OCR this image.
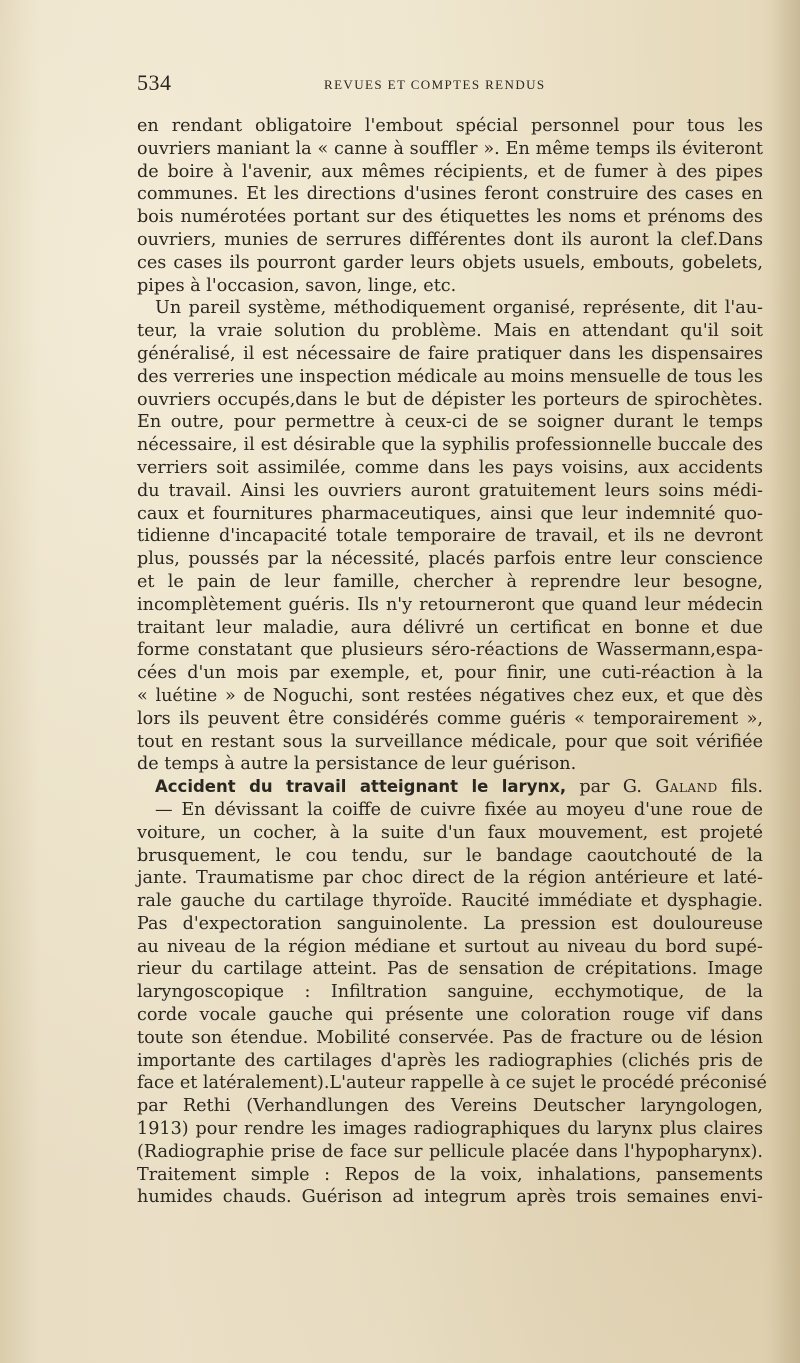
534	REVUES ET COMPTES RENDUS
en rendant obligatoire l'embout spécial personnel pour tous les
ouvriers maniant la « canne à souffler ». En même temps ils éviteront
de boire à l'avenir, aux mêmes récipients, et de fumer à des pipes
communes. Et les directions d'usines feront construire des cases en
bois numérotées portant sur des étiquettes les noms et prénoms des
ouvriers, munies de serrures différentes dont ils auront la clef.Dans
ces cases ils pourront garder leurs objets usuels, embouts, gobelets,
pipes à l'occasion, savon, linge, etc.
Un pareil système, méthodiquement organisé, représente, dit l'au-
teur, la vraie solution du problème. Mais en attendant qu'il soit
généralisé, il est nécessaire de faire pratiquer dans les dispensaires
des verreries une inspection médicale au moins mensuelle de tous les
ouvriers occupés,dans le but de dépister les porteurs de spirochètes.
En outre, pour permettre à ceux-ci de se soigner durant le temps
nécessaire, il est désirable que la syphilis professionnelle buccale des
verriers soit assimilée, comme dans les pays voisins, aux accidents
du travail. Ainsi les ouvriers auront gratuitement leurs soins médi-
caux et fournitures pharmaceutiques, ainsi que leur indemnité quo-
tidienne d'incapacité totale temporaire de travail, et ils ne devront
plus, poussés par la nécessité, placés parfois entre leur conscience
et le pain de leur famille, chercher à reprendre leur besogne,
incomplètement guéris. Ils n'y retourneront que quand leur médecin
traitant leur maladie, aura délivré un certificat en bonne et due
forme constatant que plusieurs séro-réactions de Wassermann,espa-
cées d'un mois par exemple, et, pour finir, une cuti-réaction à la
« luétine » de Noguchi, sont restées négatives chez eux, et que dès
lors ils peuvent être considérés comme guéris « temporairement »,
tout en restant sous la surveillance médicale, pour que soit vérifiée
de temps à autre la persistance de leur guérison.
Accident du travail atteignant le larynx, par G. Galand fils.
— En dévissant la coiffe de cuivre fixée au moyeu d'une roue de
voiture, un cocher, à la suite d'un faux mouvement, est projeté
brusquement, le cou tendu, sur le bandage caoutchouté de la
jante. Traumatisme par choc direct de la région antérieure et laté-
rale gauche du cartilage thyroïde. Raucité immédiate et dysphagie.
Pas d'expectoration sanguinolente. La pression est douloureuse
au niveau de la région médiane et surtout au niveau du bord supé-
rieur du cartilage atteint. Pas de sensation de crépitations. Image
laryngoscopique : Infiltration sanguine, ecchymotique, de la
corde vocale gauche qui présente une coloration rouge vif dans
toute son étendue. Mobilité conservée. Pas de fracture ou de lésion
importante des cartilages d'après les radiographies (clichés pris de
face et latéralement).L'auteur rappelle à ce sujet le procédé préconisé
par Rethi (Verhandlungen des Vereins Deutscher laryngologen,
1913) pour rendre les images radiographiques du larynx plus claires
(Radiographie prise de face sur pellicule placée dans l'hypopharynx).
Traitement simple : Repos de la voix, inhalations, pansements
humides chauds. Guérison ad integrum après trois semaines envi-
